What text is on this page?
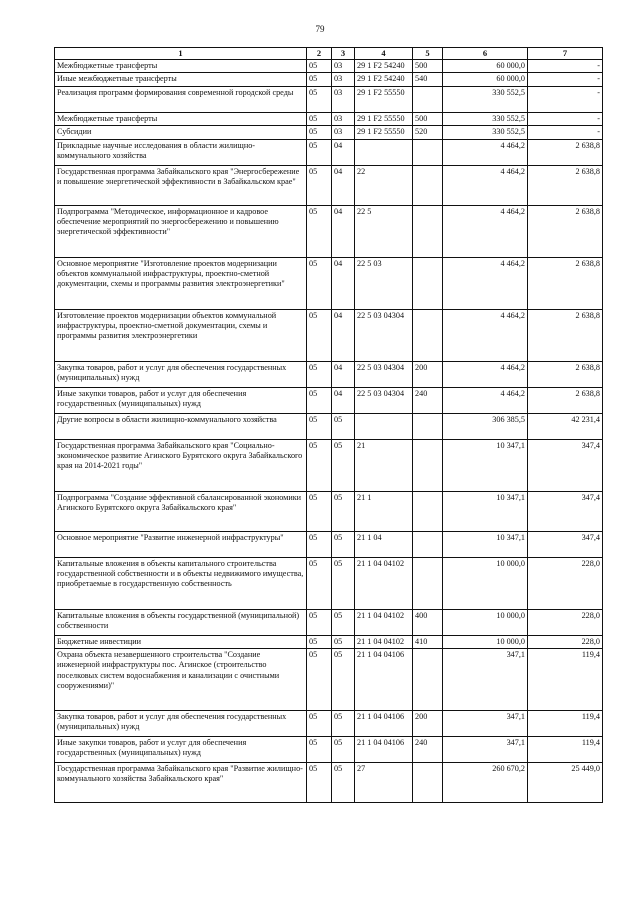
79
1	2	3	4	5	6	7
Межбюджетные трансферты	05	03	29 1 F2 54240	500	60 000,0	-
Иные межбюджетные трансферты	05	03	29 1 F2 54240	540	60 000,0	-
Реализация программ формирования современной городской среды	05	03	29 1 F2 55550		330 552,5	-
Межбюджетные трансферты	05	03	29 1 F2 55550	500	330 552,5	-
Субсидии	05	03	29 1 F2 55550	520	330 552,5	-
Прикладные научные исследования в области жилищно-коммунального хозяйства	05	04			4 464,2	2 638,8
Государственная программа Забайкальского края "Энергосбережение и повышение энергетической эффективности в Забайкальском крае"	05	04	22		4 464,2	2 638,8
Подпрограмма "Методическое, информационное и кадровое обеспечение мероприятий по энергосбережению и повышению энергетической эффективности"	05	04	22 5		4 464,2	2 638,8
Основное мероприятие "Изготовление проектов модернизации объектов коммунальной инфраструктуры, проектно-сметной документации, схемы и программы развития электроэнергетики"	05	04	22 5 03		4 464,2	2 638,8
Изготовление проектов модернизации объектов коммунальной инфраструктуры, проектно-сметной документации, схемы и программы развития электроэнергетики	05	04	22 5 03 04304		4 464,2	2 638,8
Закупка товаров, работ и услуг для обеспечения государственных (муниципальных) нужд	05	04	22 5 03 04304	200	4 464,2	2 638,8
Иные закупки товаров, работ и услуг для обеспечения государственных (муниципальных) нужд	05	04	22 5 03 04304	240	4 464,2	2 638,8
Другие вопросы в области жилищно-коммунального хозяйства	05	05			306 385,5	42 231,4
Государственная программа Забайкальского края "Социально-экономическое развитие Агинского Бурятского округа Забайкальского края на 2014-2021 годы"	05	05	21		10 347,1	347,4
Подпрограмма "Создание эффективной сбалансированной экономики Агинского Бурятского округа Забайкальского края"	05	05	21 1		10 347,1	347,4
Основное мероприятие "Развитие инженерной инфраструктуры"	05	05	21 1 04		10 347,1	347,4
Капитальные вложения в объекты капитального строительства государственной собственности и в объекты недвижимого имущества, приобретаемые в государственную собственность	05	05	21 1 04 04102		10 000,0	228,0
Капитальные вложения в объекты государственной (муниципальной) собственности	05	05	21 1 04 04102	400	10 000,0	228,0
Бюджетные инвестиции	05	05	21 1 04 04102	410	10 000,0	228,0
Охрана объекта незавершенного строительства "Создание инженерной инфраструктуры пос. Агинское (строительство поселковых систем водоснабжения и канализации с очистными сооружениями)"	05	05	21 1 04 04106		347,1	119,4
Закупка товаров, работ и услуг для обеспечения государственных (муниципальных) нужд	05	05	21 1 04 04106	200	347,1	119,4
Иные закупки товаров, работ и услуг для обеспечения государственных (муниципальных) нужд	05	05	21 1 04 04106	240	347,1	119,4
Государственная программа Забайкальского края "Развитие жилищно-коммунального хозяйства Забайкальского края"	05	05	27		260 670,2	25 449,0
